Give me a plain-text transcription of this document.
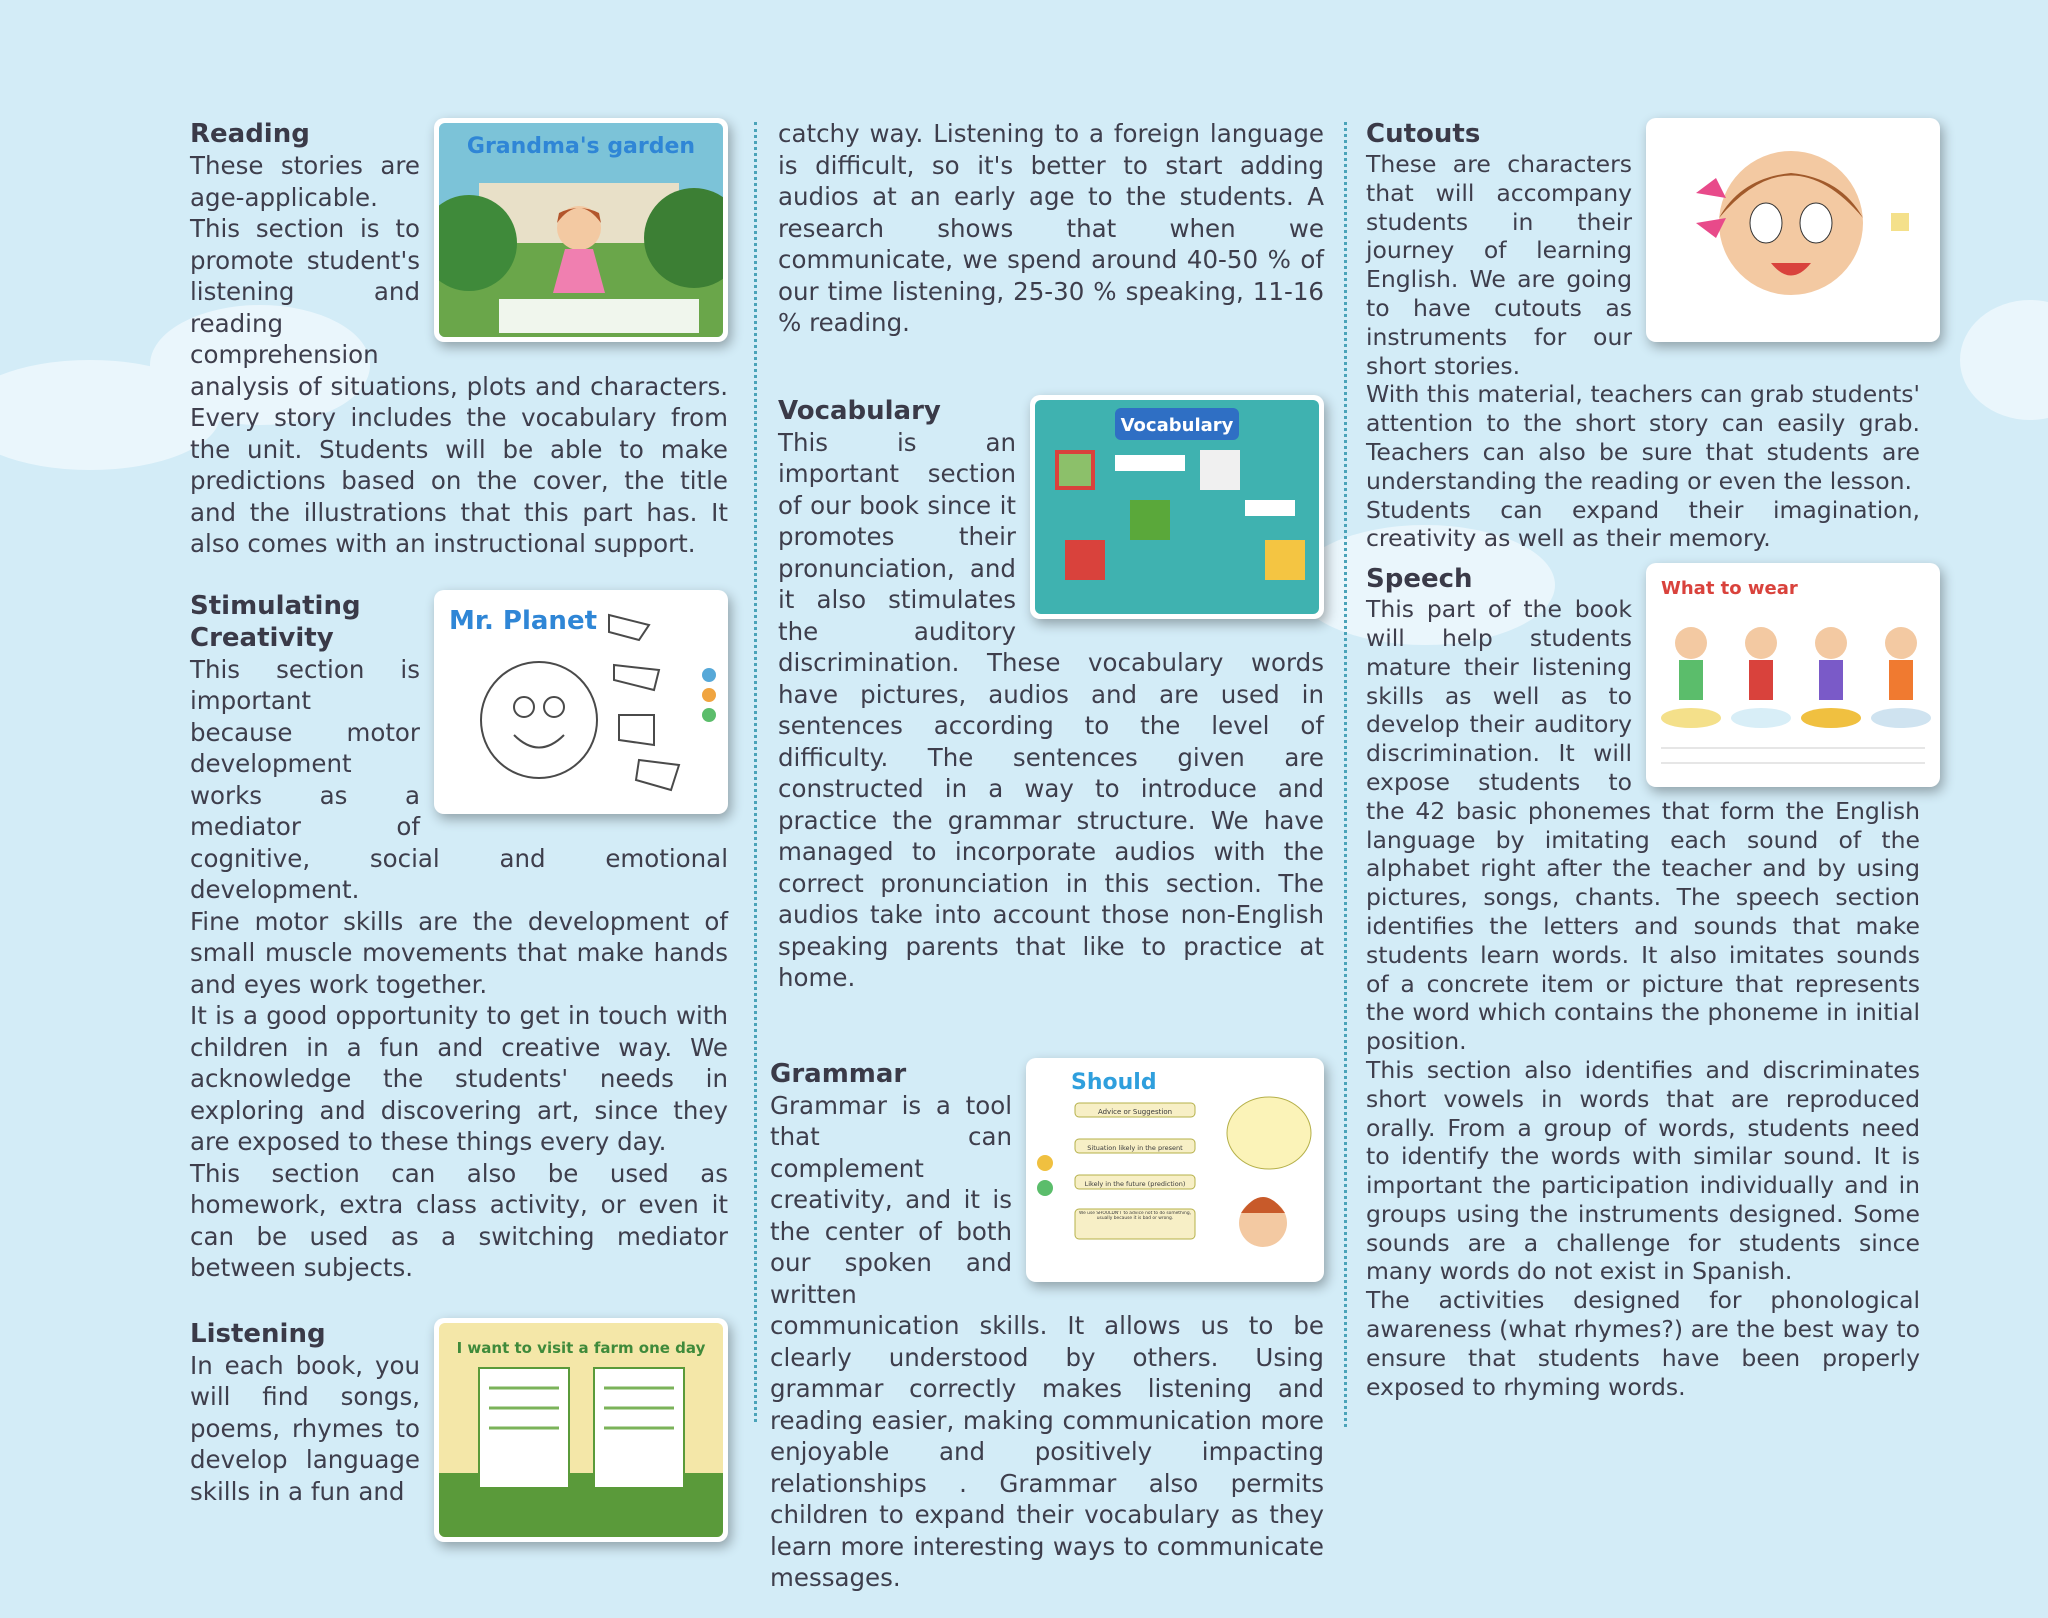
Grandma's garden
Reading

These stories are age-applicable. This section is to promote student's listening and reading comprehension analysis of situations, plots and characters. Every story includes the vocabulary from the unit. Students will be able to make predictions based on the cover, the title and the illustrations that this part has. It also comes with an instructional support.

Mr. Planet
Stimulating Creativity

This section is important because motor development works as a mediator of cognitive, social and emotional development.

Fine motor skills are the development of small muscle movements that make hands and eyes work together.

It is a good opportunity to get in touch with children in a fun and creative way. We acknowledge the students' needs in exploring and discovering art, since they are exposed to these things every day.

This section can also be used as homework, extra class activity, or even it can be used as a switching mediator between subjects.

I want to visit a farm one day
Listening

In each book, you will find songs, poems, rhymes to develop language skills in a fun and

catchy way. Listening to a foreign language is difficult, so it's better to start adding audios at an early age to the students. A research shows that when we communicate, we spend around 40-50 % of our time listening, 25-30 % speaking, 11-16 % reading.

Vocabulary
Vocabulary

This is an important section of our book since it promotes their pronunciation, and it also stimulates the auditory discrimination. These vocabulary words have pictures, audios and are used in sentences according to the level of difficulty. The sentences given are constructed in a way to introduce and practice the grammar structure. We have managed to incorporate audios with the correct pronunciation in this section. The audios take into account those non-English speaking parents that like to practice at home.

Advice or Suggestion
Situation likely in the present
Likely in the future (prediction)
We use SHOULDN'T to advice not to do something, usually because it is bad or wrong.
Should
Grammar

Grammar is a tool that can complement creativity, and it is the center of both our spoken and written communication skills. It allows us to be clearly understood by others. Using grammar correctly makes listening and reading easier, making communication more enjoyable and positively impacting relationships . Grammar also permits children to expand their vocabulary as they learn more interesting ways to communicate messages.

Cutouts

These are characters that will accompany students in their journey of learning English. We are going to have cutouts as instruments for our short stories.

With this material, teachers can grab students' attention to the short story can easily grab. Teachers can also be sure that students are understanding the reading or even the lesson.

Students can expand their imagination, creativity as well as their memory.

What to wear
Speech

This part of the book will help students mature their listening skills as well as to develop their auditory discrimination. It will expose students to the 42 basic phonemes that form the English language by imitating each sound of the alphabet right after the teacher and by using pictures, songs, chants. The speech section identifies the letters and sounds that make students learn words. It also imitates sounds of a concrete item or picture that represents the word which contains the phoneme in initial position.

This section also identifies and discriminates short vowels in words that are reproduced orally. From a group of words, students need to identify the words with similar sound. It is important the participation individually and in groups using the instruments designed. Some sounds are a challenge for students since many words do not exist in Spanish.

The activities designed for phonological awareness (what rhymes?) are the best way to ensure that students have been properly exposed to rhyming words.
